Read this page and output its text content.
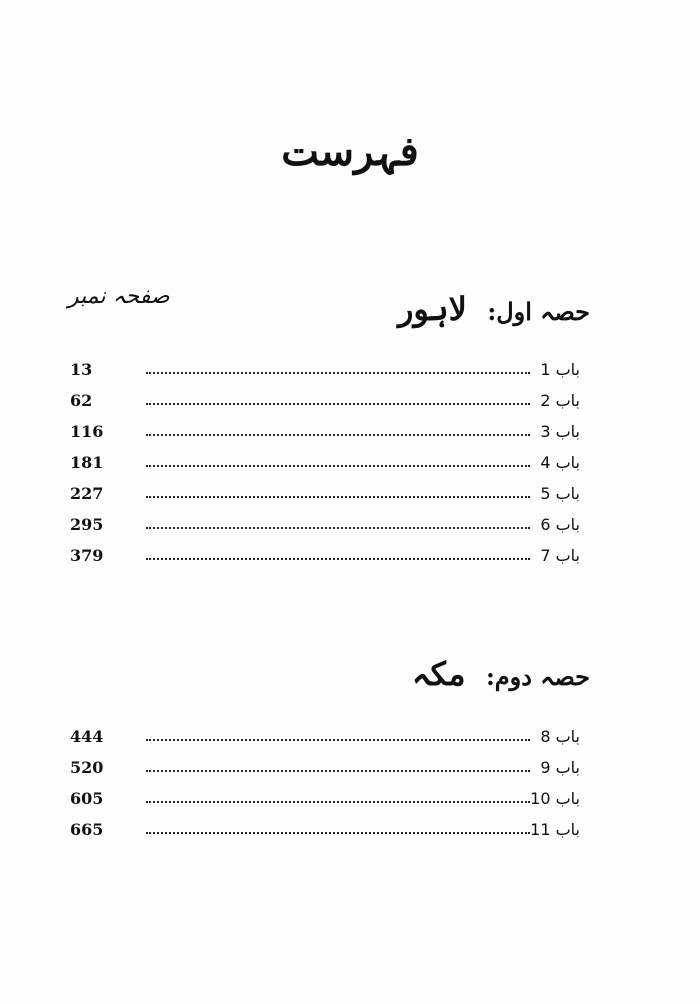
فہرست
صفحہ نمبر
حصہ اول: لاہور
13	باب 1
62	باب 2
116	باب 3
181	باب 4
227	باب 5
295	باب 6
379	باب 7
حصہ دوم: مکہ
444	باب 8
520	باب 9
605	باب 10
665	باب 11
